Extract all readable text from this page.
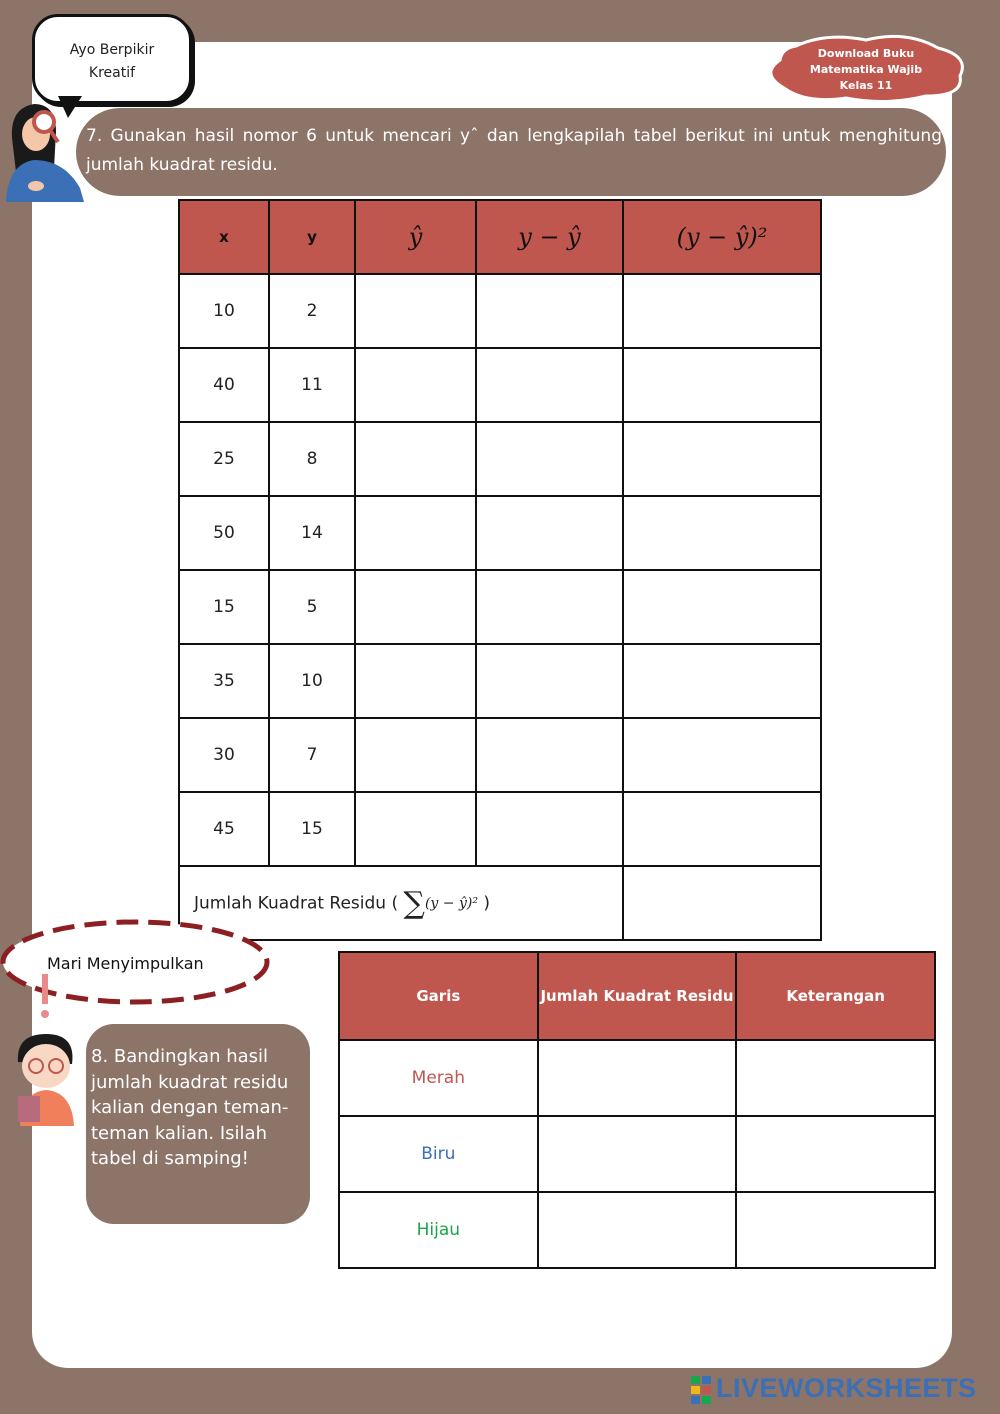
Ayo Berpikir
Kreatif
Download Buku
Matematika Wajib
Kelas 11
7. Gunakan hasil nomor 6 untuk mencari yˆ dan lengkapilah tabel berikut ini untuk menghitung jumlah kuadrat residu.
x	y	ŷ	y − ŷ	(y − ŷ)²
10	2			
40	11			
25	8			
50	14			
15	5			
35	10			
30	7			
45	15			
Jumlah Kuadrat Residu ( ∑(y − ŷ)² )				
Mari Menyimpulkan
8. Bandingkan hasil jumlah kuadrat residu kalian dengan teman-teman kalian. Isilah tabel di samping!
Garis	Jumlah Kuadrat Residu	Keterangan
Merah		
Biru		
Hijau		
LIVEWORKSHEETS
